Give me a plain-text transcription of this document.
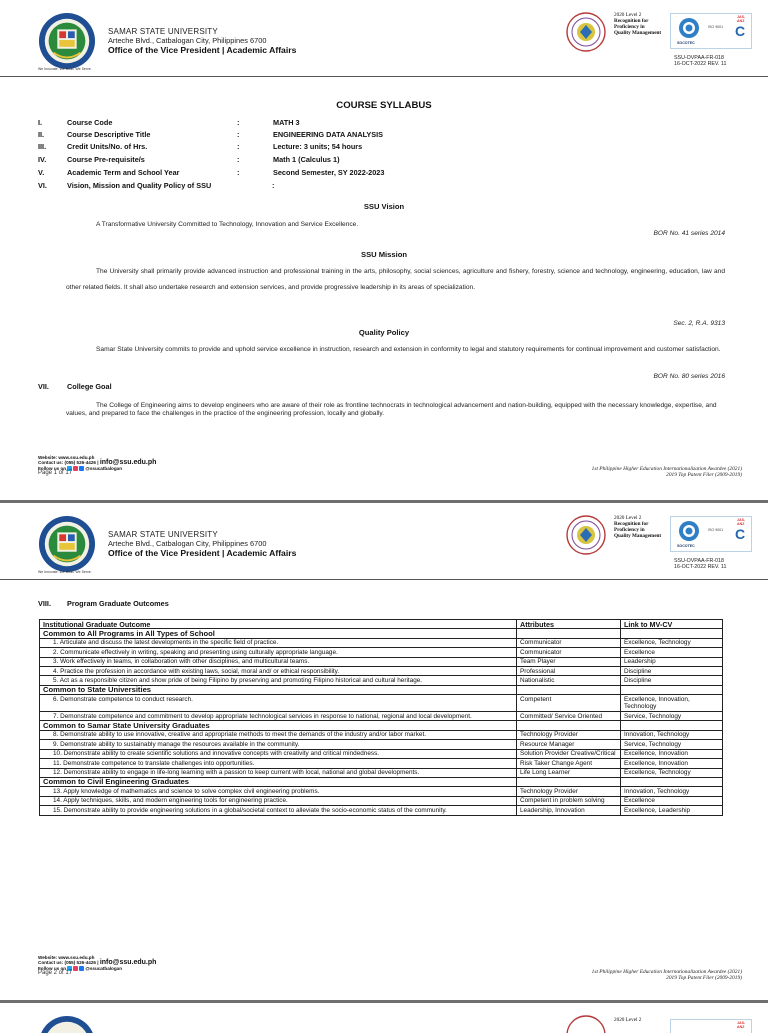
We Innovate. We Build. We Serve.
SAMAR STATE UNIVERSITY
Arteche Blvd., Catbalogan City, Philippines 6700
Office of the Vice President | Academic Affairs
2020 Level 2
Recognition for
Proficiency in
Quality Management
SOCOTEC
ISO 9001
JAS-ANZ
C
SSU-OVPAA-FR-018
16-OCT-2022 REV. 11
COURSE SYLLABUS
I.	Course Code	:	MATH 3
II.	Course Descriptive Title	:	ENGINEERING DATA ANALYSIS
III.	Credit Units/No. of Hrs.	:	Lecture: 3 units; 54 hours
IV.	Course Pre-requisite/s	:	Math 1 (Calculus 1)
V.	Academic Term and School Year	:	Second Semester, SY 2022-2023
VI.	Vision, Mission and Quality Policy of SSU	:
SSU Vision
A Transformative University Committed to Technology, Innovation and Service Excellence.
BOR No. 41 series 2014
SSU Mission
The University shall primarily provide advanced instruction and professional training in the arts, philosophy, social sciences, agriculture and fishery, forestry, science and technology, engineering, education, law and other related fields. It shall also undertake research and extension services, and provide progressive leadership in its areas of specialization.
Sec. 2, R.A. 9313
Quality Policy
Samar State University commits to provide and uphold service excellence in instruction, research and extension in conformity to legal and statutory requirements for continual improvement and customer satisfaction.
BOR No. 80 series 2016
VII. College Goal
The College of Engineering aims to develop engineers who are aware of their role as frontline technocrats in technological advancement and nation-building, equipped with the necessary knowledge, expertise, and values, and prepared to face the challenges in the practice of the engineering profession, locally and globally.
Website: www.ssu.edu.ph
Contact us: (055) 526-4426 | info@ssu.edu.ph
Follow us on	@ssucatbalogan
Page 1 of 17
1st Philippine Higher Education Internationalization Awardee (2021)
2019 Top Patent Filer (2009-2019)
We Innovate. We Build. We Serve.
SAMAR STATE UNIVERSITY
Arteche Blvd., Catbalogan City, Philippines 6700
Office of the Vice President | Academic Affairs
2020 Level 2
Recognition for
Proficiency in
Quality Management
SOCOTEC
ISO 9001
JAS-ANZ
C
SSU-OVPAA-FR-018
16-OCT-2022 REV. 11
VIII. Program Graduate Outcomes
Institutional Graduate Outcome	Attributes	Link to MV-CV
Common to All Programs in All Types of School		
1. Articulate and discuss the latest developments in the specific field of practice.	Communicator	Excellence, Technology
2. Communicate effectively in writing, speaking and presenting using culturally appropriate language.	Communicator	Excellence
3. Work effectively in teams, in collaboration with other disciplines, and multicultural teams.	Team Player	Leadership
4. Practice the profession in accordance with existing laws, social, moral and/ or ethical responsibility.	Professional	Discipline
5. Act as a responsible citizen and show pride of being Filipino by preserving and promoting Filipino historical and cultural heritage.	Nationalistic	Discipline
Common to State Universities		
6. Demonstrate competence to conduct research.	Competent	Excellence, Innovation, Technology
7. Demonstrate competence and commitment to develop appropriate technological services in response to national, regional and local development.	Committed/ Service Oriented	Service, Technology
Common to Samar State University Graduates		
8. Demonstrate ability to use innovative, creative and appropriate methods to meet the demands of the industry and/or labor market.	Technology Provider	Innovation, Technology
9. Demonstrate ability to sustainably manage the resources available in the community.	Resource Manager	Service, Technology
10. Demonstrate ability to create scientific solutions and innovative concepts with creativity and critical mindedness.	Solution Provider Creative/Critical	Excellence, Innovation
11. Demonstrate competence to translate challenges into opportunities.	Risk Taker Change Agent	Excellence, Innovation
12. Demonstrate ability to engage in life-long learning with a passion to keep current with local, national and global developments.	Life Long Learner	Excellence, Technology
Common to Civil Engineering Graduates		
13. Apply knowledge of mathematics and science to solve complex civil engineering problems.	Technology Provider	Innovation, Technology
14. Apply techniques, skills, and modern engineering tools for engineering practice.	Competent in problem solving	Excellence
15. Demonstrate ability to provide engineering solutions in a global/societal context to alleviate the socio-economic status of the community.	Leadership, Innovation	Excellence, Leadership
Website: www.ssu.edu.ph
Contact us: (055) 526-4426 | info@ssu.edu.ph
Follow us on	@ssucatbalogan
Page 2 of 17	1st Philippine Higher Education Internationalization Awardee (2021)
2019 Top Patent Filer (2009-2019)
2020 Level 2	JAS-ANZ
